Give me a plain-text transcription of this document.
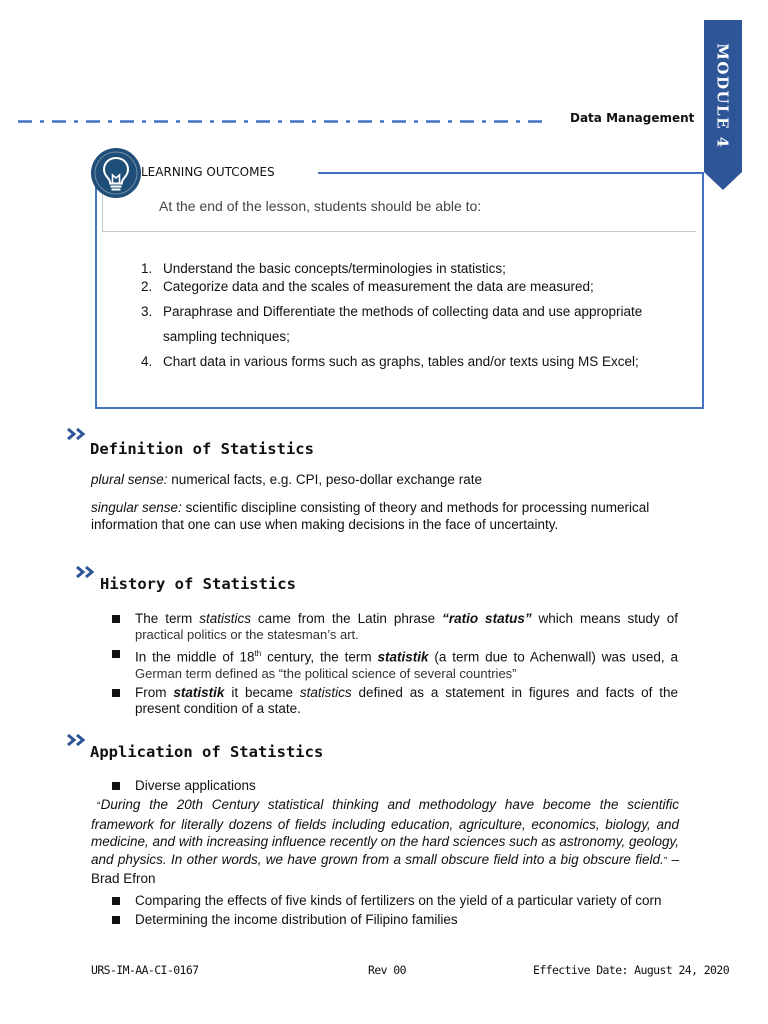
Data Management MODULE 4
LEARNING OUTCOMES
At the end of the lesson, students should be able to:
1. Understand the basic concepts/terminologies in statistics;
2. Categorize data and the scales of measurement the data are measured;
3. Paraphrase and Differentiate the methods of collecting data and use appropriate
sampling techniques;
4. Chart data in various forms such as graphs, tables and/or texts using MS Excel;
Definition of Statistics
plural sense: numerical facts, e.g. CPI, peso-dollar exchange rate
singular sense: scientific discipline consisting of theory and methods for processing numerical information that one can use when making decisions in the face of uncertainty.
History of Statistics
The term statistics came from the Latin phrase “ratio status” which means study of practical politics or the statesman’s art.
In the middle of 18th century, the term statistik (a term due to Achenwall) was used, a German term defined as “the political science of several countries”
From statistik it became statistics defined as a statement in figures and facts of the present condition of a state.
Application of Statistics
Diverse applications
“During the 20th Century statistical thinking and methodology have become the scientific framework for literally dozens of fields including education, agriculture, economics, biology, and medicine, and with increasing influence recently on the hard sciences such as astronomy, geology, and physics. In other words, we have grown from a small obscure field into a big obscure field.” – Brad Efron
Comparing the effects of five kinds of fertilizers on the yield of a particular variety of corn
Determining the income distribution of Filipino families
URS-IM-AA-CI-0167	Rev 00	Effective Date: August 24, 2020
